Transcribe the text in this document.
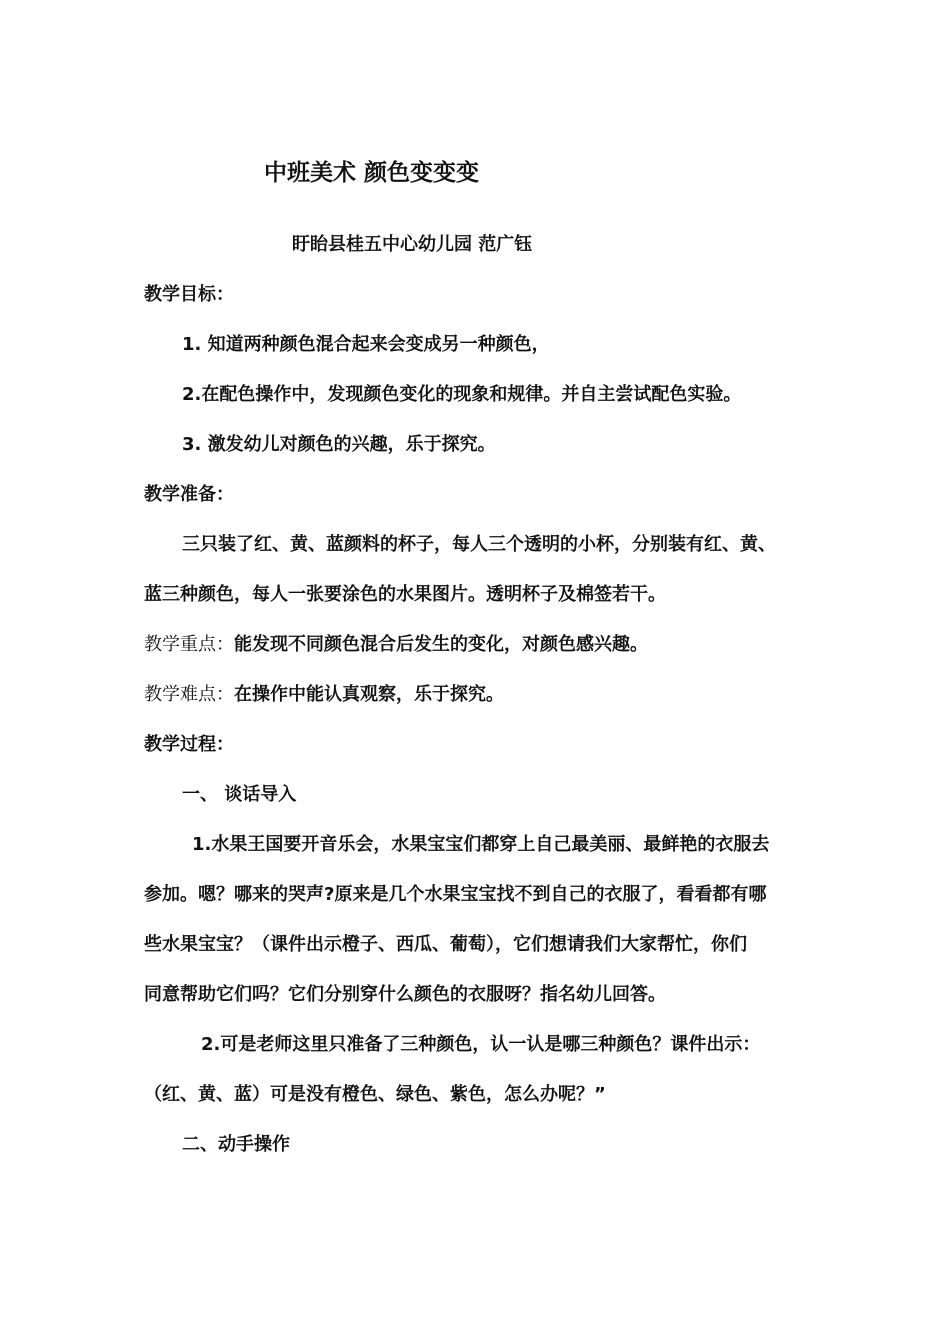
中班美术 颜色变变变
盱眙县桂五中心幼儿园 范广钰
教学目标：
1. 知道两种颜色混合起来会变成另一种颜色，
2.在配色操作中，发现颜色变化的现象和规律。并自主尝试配色实验。
3. 激发幼儿对颜色的兴趣，乐于探究。
教学准备：
三只装了红、黄、蓝颜料的杯子，每人三个透明的小杯，分别装有红、黄、
蓝三种颜色，每人一张要涂色的水果图片。透明杯子及棉签若干。
教学重点：能发现不同颜色混合后发生的变化，对颜色感兴趣。
教学难点：在操作中能认真观察，乐于探究。
教学过程：
一、 谈话导入
1.水果王国要开音乐会，水果宝宝们都穿上自己最美丽、最鲜艳的衣服去
参加。嗯？哪来的哭声?原来是几个水果宝宝找不到自己的衣服了，看看都有哪
些水果宝宝？（课件出示橙子、西瓜、葡萄），它们想请我们大家帮忙，你们
同意帮助它们吗？它们分别穿什么颜色的衣服呀？指名幼儿回答。
2.可是老师这里只准备了三种颜色，认一认是哪三种颜色？课件出示：
（红、黄、蓝）可是没有橙色、绿色、紫色，怎么办呢？”
二、动手操作
